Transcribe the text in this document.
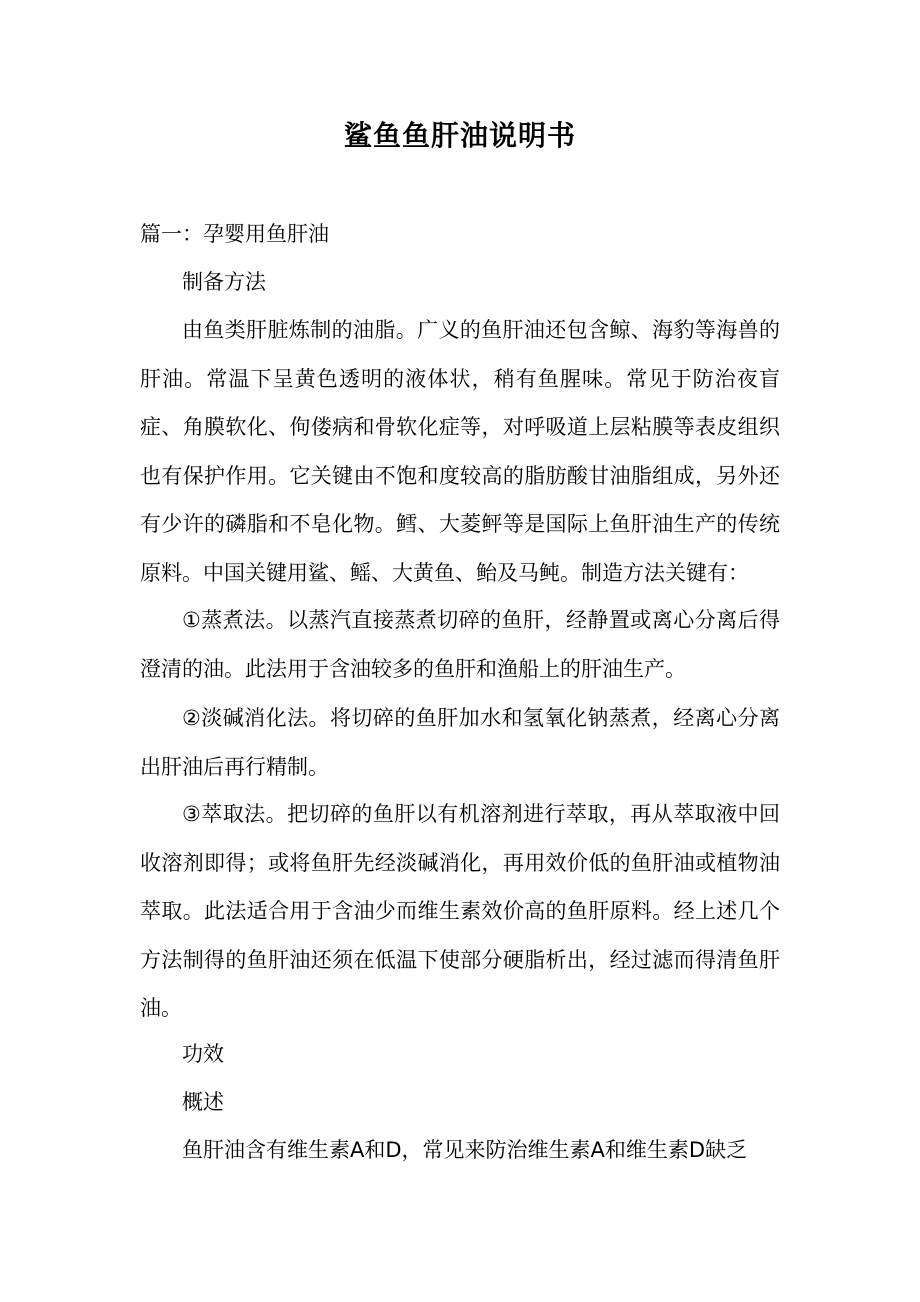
鲨鱼鱼肝油说明书

篇一：孕婴用鱼肝油

制备方法

由鱼类肝脏炼制的油脂。广义的鱼肝油还包含鲸、海豹等海兽的肝油。常温下呈黄色透明的液体状，稍有鱼腥味。常见于防治夜盲症、角膜软化、佝偻病和骨软化症等，对呼吸道上层粘膜等表皮组织也有保护作用。它关键由不饱和度较高的脂肪酸甘油脂组成，另外还有少许的磷脂和不皂化物。鳕、大菱鲆等是国际上鱼肝油生产的传统原料。中国关键用鲨、鳐、大黄鱼、鲐及马鲀。制造方法关键有：

①蒸煮法。以蒸汽直接蒸煮切碎的鱼肝，经静置或离心分离后得澄清的油。此法用于含油较多的鱼肝和渔船上的肝油生产。

②淡碱消化法。将切碎的鱼肝加水和氢氧化钠蒸煮，经离心分离出肝油后再行精制。

③萃取法。把切碎的鱼肝以有机溶剂进行萃取，再从萃取液中回收溶剂即得；或将鱼肝先经淡碱消化，再用效价低的鱼肝油或植物油萃取。此法适合用于含油少而维生素效价高的鱼肝原料。经上述几个方法制得的鱼肝油还须在低温下使部分硬脂析出，经过滤而得清鱼肝油。

功效

概述

鱼肝油含有维生素A和D，常见来防治维生素A和维生素D缺乏
